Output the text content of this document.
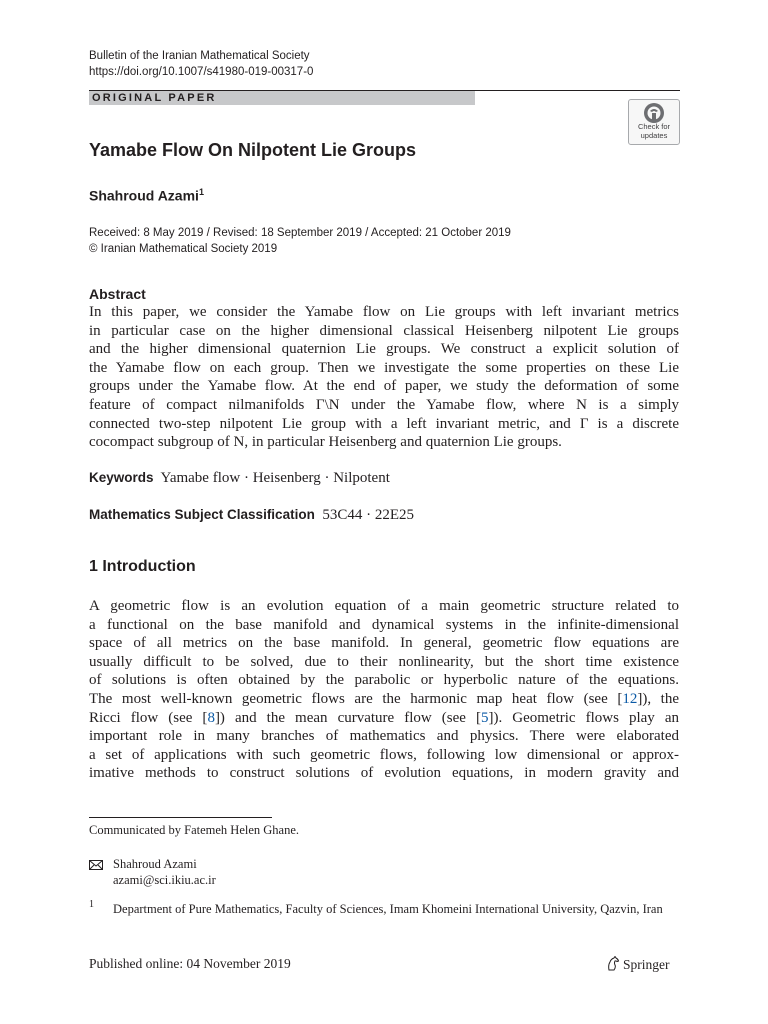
Bulletin of the Iranian Mathematical Society
https://doi.org/10.1007/s41980-019-00317-0
ORIGINAL PAPER
Check for
updates
Yamabe Flow On Nilpotent Lie Groups
Shahroud Azami$^1$
Received: 8 May 2019 / Revised: 18 September 2019 / Accepted: 21 October 2019
© Iranian Mathematical Society 2019
Abstract
In this paper, we consider the Yamabe flow on Lie groups with left invariant metrics
in particular case on the higher dimensional classical Heisenberg nilpotent Lie groups
and the higher dimensional quaternion Lie groups. We construct a explicit solution of
the Yamabe flow on each group. Then we investigate the some properties on these Lie
groups under the Yamabe flow. At the end of paper, we study the deformation of some
feature of compact nilmanifolds Γ\N under the Yamabe flow, where N is a simply
connected two-step nilpotent Lie group with a left invariant metric, and Γ is a discrete
cocompact subgroup of N, in particular Heisenberg and quaternion Lie groups.
Keywords Yamabe flow · Heisenberg · Nilpotent
Mathematics Subject Classification 53C44 · 22E25
1 Introduction
A geometric flow is an evolution equation of a main geometric structure related to
a functional on the base manifold and dynamical systems in the infinite-dimensional
space of all metrics on the base manifold. In general, geometric flow equations are
usually difficult to be solved, due to their nonlinearity, but the short time existence
of solutions is often obtained by the parabolic or hyperbolic nature of the equations.
The most well-known geometric flows are the harmonic map heat flow (see [12]), the
Ricci flow (see [8]) and the mean curvature flow (see [5]). Geometric flows play an
important role in many branches of mathematics and physics. There were elaborated
a set of applications with such geometric flows, following low dimensional or approx-
imative methods to construct solutions of evolution equations, in modern gravity and
Communicated by Fatemeh Helen Ghane.
Shahroud Azami
azami@sci.ikiu.ac.ir
1 Department of Pure Mathematics, Faculty of Sciences, Imam Khomeini International University, Qazvin, Iran
Published online: 04 November 2019	Springer
